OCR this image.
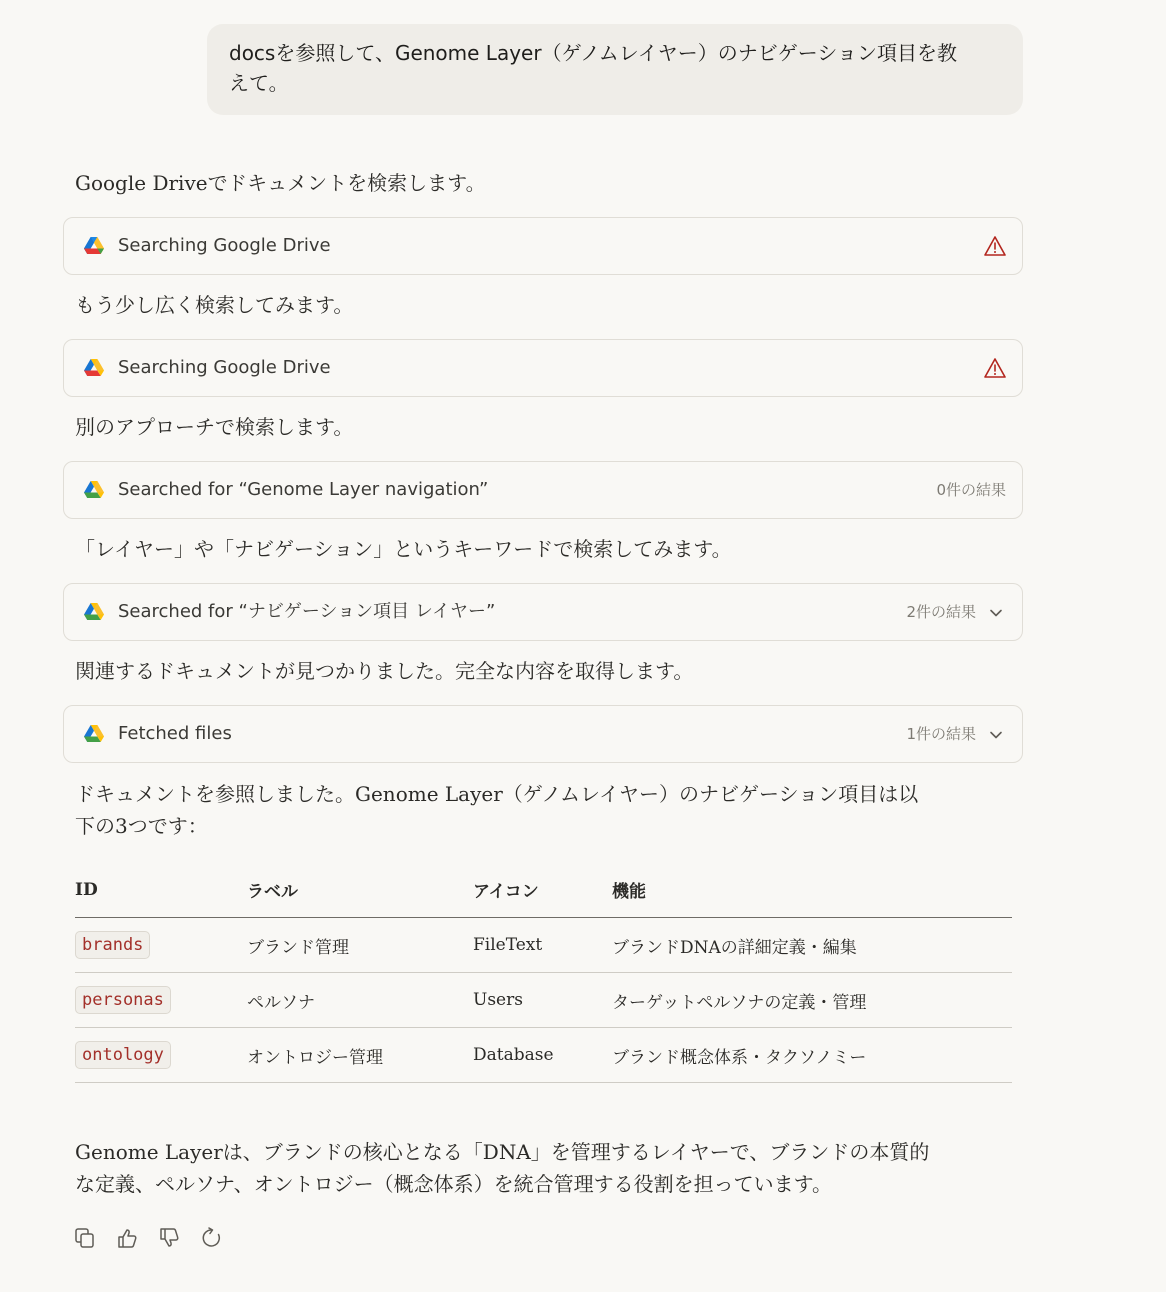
docsを参照して、Genome Layer（ゲノムレイヤー）のナビゲーション項目を教
えて。
Google Driveでドキュメントを検索します。
Searching Google Drive
もう少し広く検索してみます。
Searching Google Drive
別のアプローチで検索します。
Searched for “Genome Layer navigation”	0件の結果
「レイヤー」や「ナビゲーション」というキーワードで検索してみます。
Searched for “ナビゲーション項目 レイヤー”	2件の結果
関連するドキュメントが見つかりました。完全な内容を取得します。
Fetched files	1件の結果
ドキュメントを参照しました。Genome Layer（ゲノムレイヤー）のナビゲーション項目は以
下の3つです：
ID	ラベル	アイコン	機能
brands	ブランド管理	FileText	ブランドDNAの詳細定義・編集
personas	ペルソナ	Users	ターゲットペルソナの定義・管理
ontology	オントロジー管理	Database	ブランド概念体系・タクソノミー
Genome Layerは、ブランドの核心となる「DNA」を管理するレイヤーで、ブランドの本質的
な定義、ペルソナ、オントロジー（概念体系）を統合管理する役割を担っています。
